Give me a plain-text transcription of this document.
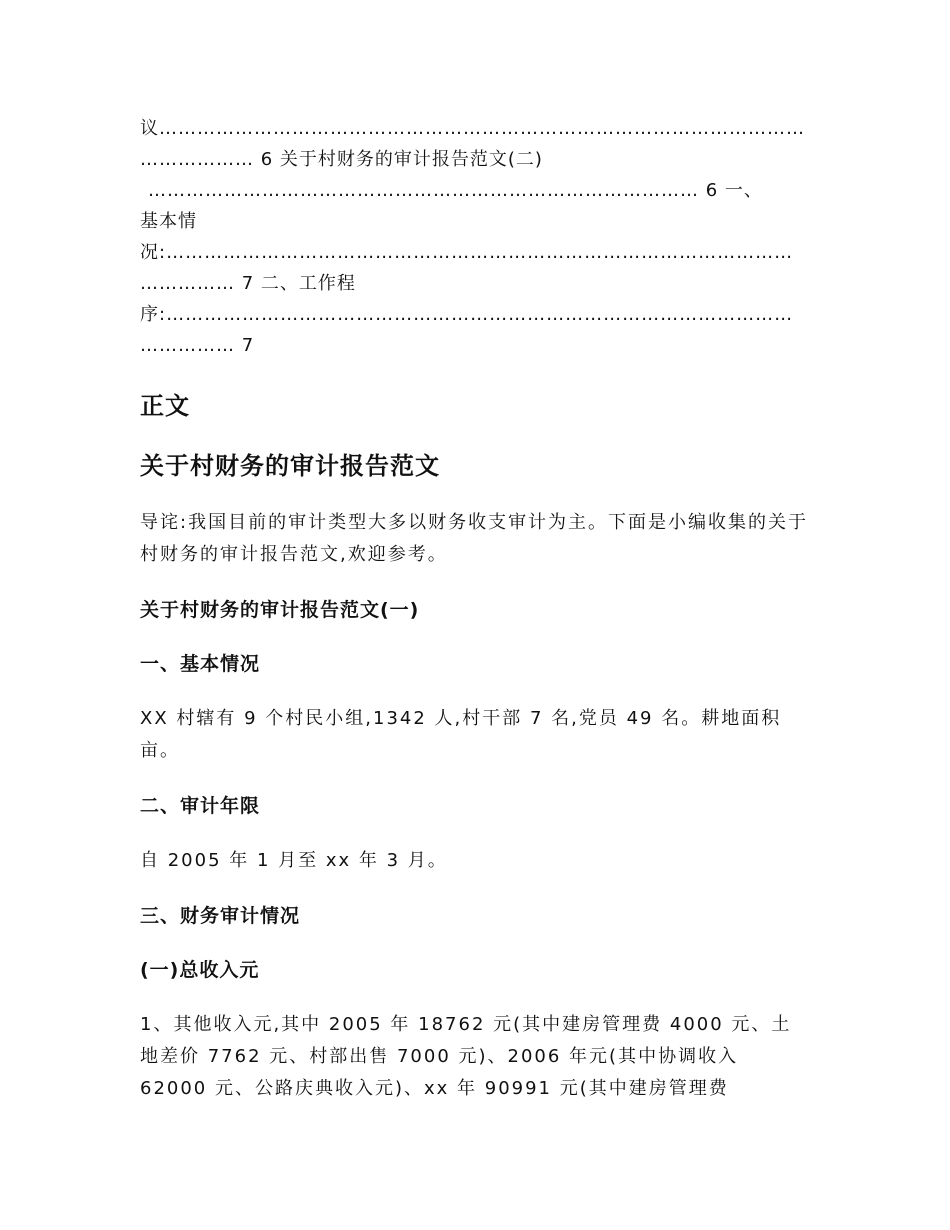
议…………………………………………………………………………………………
……………… 6 关于村财务的审计报告范文(二)
…………………………………………………………………………… 6 一、
基本情
况:………………………………………………………………………………………
…………… 7 二、工作程
序:………………………………………………………………………………………
…………… 7
正文
关于村财务的审计报告范文

导诧:我国目前的审计类型大多以财务收支审计为主。下面是小编收集的关于村财务的审计报告范文,欢迎参考。

关于村财务的审计报告范文(一)
一、基本情况

XX 村辖有 9 个村民小组,1342 人,村干部 7 名,党员 49 名。耕地面积亩。

二、审计年限

自 2005 年 1 月至 xx 年 3 月。

三、财务审计情况
(一)总收入元

1、其他收入元,其中 2005 年 18762 元(其中建房管理费 4000 元、土地差价 7762 元、村部出售 7000 元)、2006 年元(其中协调收入 62000 元、公路庆典收入元)、xx 年 90991 元(其中建房管理费
